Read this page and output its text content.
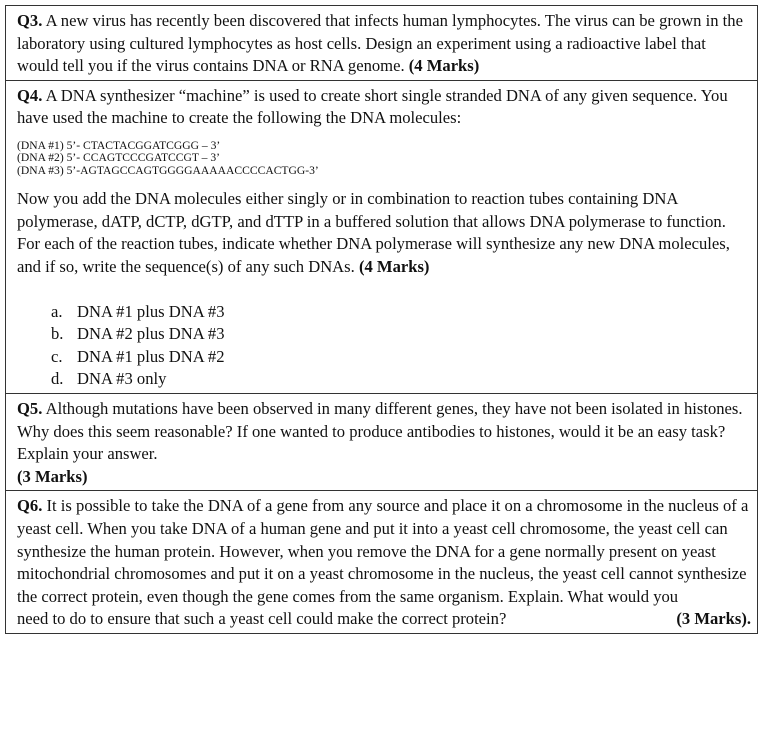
Q3. A new virus has recently been discovered that infects human lymphocytes. The virus can be grown in the laboratory using cultured lymphocytes as host cells. Design an experiment using a radioactive label that would tell you if the virus contains DNA or RNA genome. (4 Marks)
Q4. A DNA synthesizer “machine” is used to create short single stranded DNA of any given sequence. You have used the machine to create the following the DNA molecules:
(DNA #1) 5’- CTACTACGGATCGGG – 3’
(DNA #2) 5’- CCAGTCCCGATCCGT – 3’
(DNA #3) 5’-AGTAGCCAGTGGGGAAAAACCCCACTGG-3’
Now you add the DNA molecules either singly or in combination to reaction tubes containing DNA polymerase, dATP, dCTP, dGTP, and dTTP in a buffered solution that allows DNA polymerase to function. For each of the reaction tubes, indicate whether DNA polymerase will synthesize any new DNA molecules, and if so, write the sequence(s) of any such DNAs. (4 Marks)
a. DNA #1 plus DNA #3
b. DNA #2 plus DNA #3
c. DNA #1 plus DNA #2
d. DNA #3 only
Q5. Although mutations have been observed in many different genes, they have not been isolated in histones. Why does this seem reasonable? If one wanted to produce antibodies to histones, would it be an easy task? Explain your answer.
(3 Marks)
Q6. It is possible to take the DNA of a gene from any source and place it on a chromosome in the nucleus of a yeast cell. When you take DNA of a human gene and put it into a yeast cell chromosome, the yeast cell can synthesize the human protein. However, when you remove the DNA for a gene normally present on yeast mitochondrial chromosomes and put it on a yeast chromosome in the nucleus, the yeast cell cannot synthesize the correct protein, even though the gene comes from the same organism. Explain. What would you
need to do to ensure that such a yeast cell could make the correct protein?	(3 Marks).
